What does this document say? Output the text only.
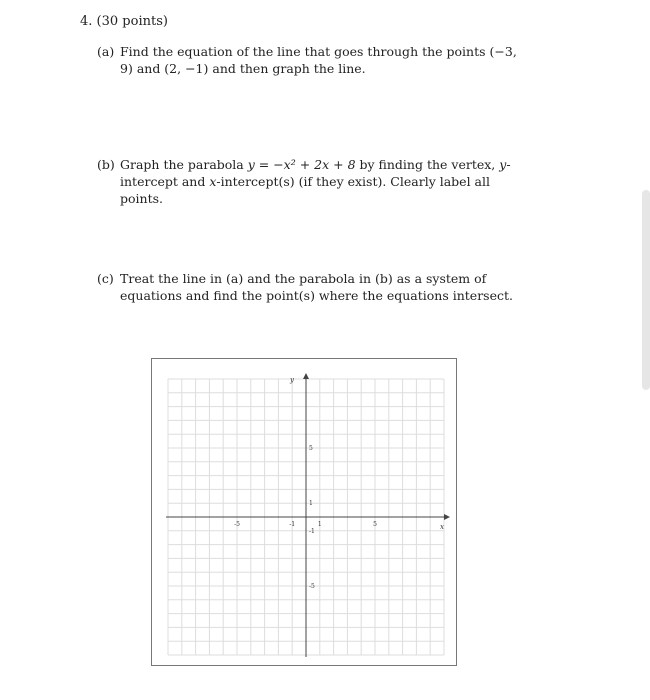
4. (30 points)
(a) Find the equation of the line that goes through the points (−3, 9) and (2, −1) and then graph the line.
(b) Graph the parabola y = −x² + 2x + 8 by finding the vertex, y-intercept and x-intercept(s) (if they exist). Clearly label all points.
(c) Treat the line in (a) and the parabola in (b) as a system of equations and find the point(s) where the equations intersect.
-5	-1	1	5
5
1
-1
-5
x
y
